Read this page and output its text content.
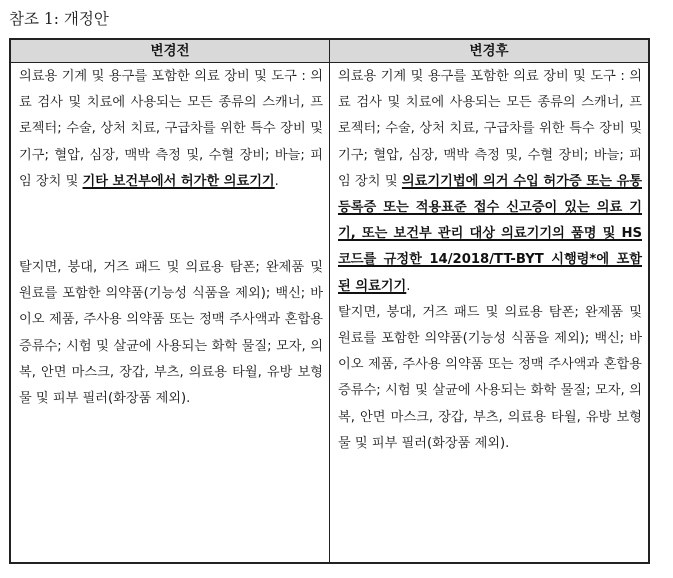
참조 1: 개정안
변경전	변경후
의료용 기계 및 용구를 포함한 의료 장비 및 도구 : 의료 검사 및 치료에 사용되는 모든 종류의 스캐너, 프로젝터; 수술, 상처 치료, 구급차를 위한 특수 장비 및 기구; 혈압, 심장, 맥박 측정 및, 수혈 장비; 바늘; 피임 장치 및 기타 보건부에서 허가한 의료기기.
탈지면, 붕대, 거즈 패드 및 의료용 탐폰; 완제품 및 원료를 포함한 의약품(기능성 식품을 제외); 백신; 바이오 제품, 주사용 의약품 또는 정맥 주사액과 혼합용 증류수; 시험 및 살균에 사용되는 화학 물질; 모자, 의복, 안면 마스크, 장갑, 부츠, 의료용 타월, 유방 보형물 및 피부 필러(화장품 제외).
의료용 기계 및 용구를 포함한 의료 장비 및 도구 : 의료 검사 및 치료에 사용되는 모든 종류의 스캐너, 프로젝터; 수술, 상처 치료, 구급차를 위한 특수 장비 및 기구; 혈압, 심장, 맥박 측정 및, 수혈 장비; 바늘; 피임 장치 및 의료기기법에 의거 수입 허가증 또는 유통 등록증 또는 적용표준 접수 신고증이 있는 의료 기기, 또는 보건부 관리 대상 의료기기의 품명 및 HS 코드를 규정한 14/2018/TT-BYT 시행령*에 포함된 의료기기.
탈지면, 붕대, 거즈 패드 및 의료용 탐폰; 완제품 및 원료를 포함한 의약품(기능성 식품을 제외); 백신; 바이오 제품, 주사용 의약품 또는 정맥 주사액과 혼합용 증류수; 시험 및 살균에 사용되는 화학 물질; 모자, 의복, 안면 마스크, 장갑, 부츠, 의료용 타월, 유방 보형물 및 피부 필러(화장품 제외).
